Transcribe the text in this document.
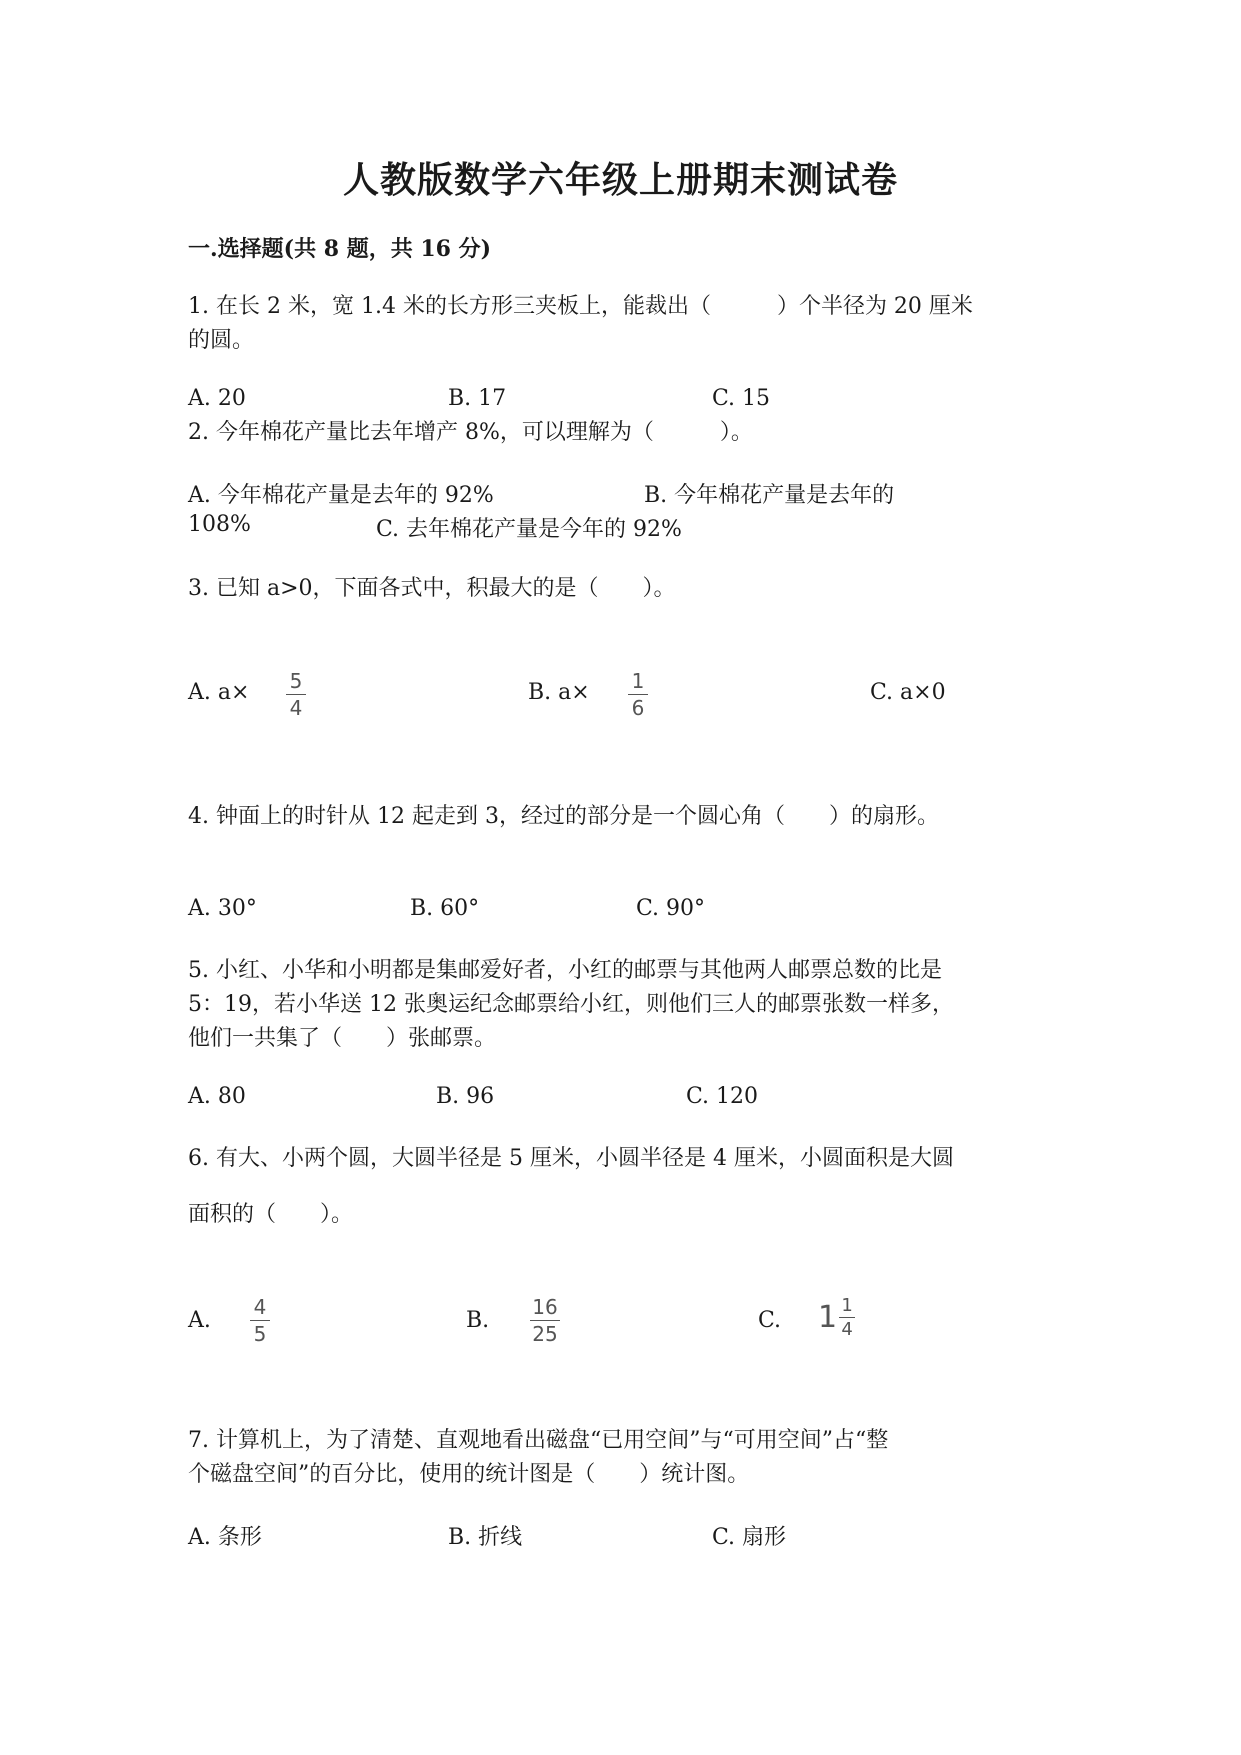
人教版数学六年级上册期末测试卷
一.选择题(共 8 题，共 16 分)
1. 在长 2 米，宽 1.4 米的长方形三夹板上，能裁出（　　　）个半径为 20 厘米
的圆。
A. 20	B. 17	C. 15
2. 今年棉花产量比去年增产 8%，可以理解为（　　　）。
A. 今年棉花产量是去年的 92%	B. 今年棉花产量是去年的
108%	C. 去年棉花产量是今年的 92%
3. 已知 a>0，下面各式中，积最大的是（　　）。
A. a× 5
4
B. a× 1
6
C. a×0
4. 钟面上的时针从 12 起走到 3，经过的部分是一个圆心角（　　）的扇形。
A. 30°	B. 60°	C. 90°
5. 小红、小华和小明都是集邮爱好者，小红的邮票与其他两人邮票总数的比是
5：19，若小华送 12 张奥运纪念邮票给小红，则他们三人的邮票张数一样多，
他们一共集了（　　）张邮票。
A. 80	B. 96	C. 120
6. 有大、小两个圆，大圆半径是 5 厘米，小圆半径是 4 厘米，小圆面积是大圆
面积的（　　）。
A.
4
5
B.
16
25
C. $1 \frac{1}{4}$
7. 计算机上，为了清楚、直观地看出磁盘“已用空间”与“可用空间”占“整
个磁盘空间”的百分比，使用的统计图是（　　）统计图。
A. 条形	B. 折线	C. 扇形
